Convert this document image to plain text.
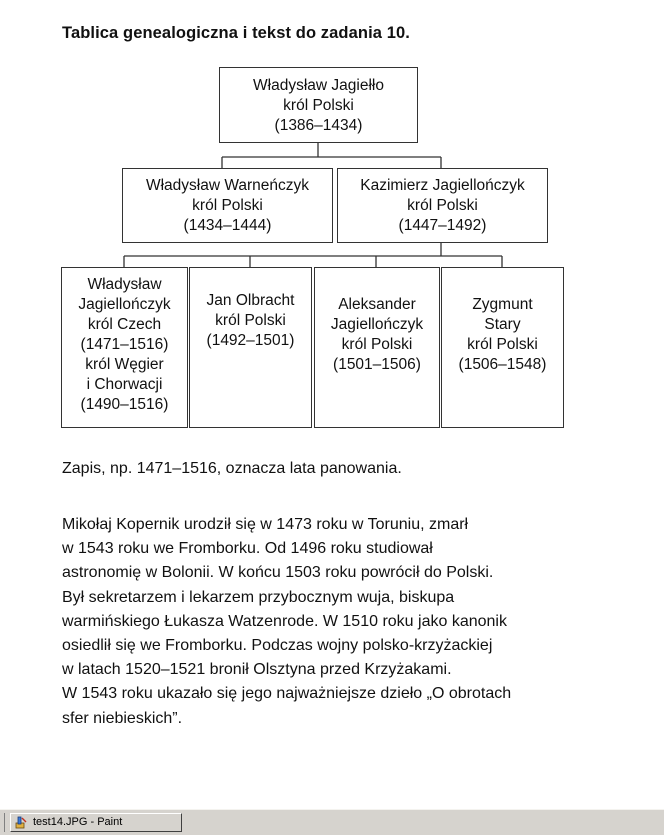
Tablica genealogiczna i tekst do zadania 10.
Władysław Jagiełło
król Polski
(1386–1434)
Władysław Warneńczyk
król Polski
(1434–1444)
Kazimierz Jagiellończyk
król Polski
(1447–1492)
Władysław
Jagiellończyk
król Czech
(1471–1516)
król Węgier
i Chorwacji
(1490–1516)
Jan Olbracht
król Polski
(1492–1501)
Aleksander
Jagiellończyk
król Polski
(1501–1506)
Zygmunt
Stary
król Polski
(1506–1548)
Zapis, np. 1471–1516, oznacza lata panowania.
Mikołaj Kopernik urodził się w 1473 roku w Toruniu, zmarł
w 1543 roku we Fromborku. Od 1496 roku studiował
astronomię w Bolonii. W końcu 1503 roku powrócił do Polski.
Był sekretarzem i lekarzem przybocznym wuja, biskupa
warmińskiego Łukasza Watzenrode. W 1510 roku jako kanonik
osiedlił się we Fromborku. Podczas wojny polsko-krzyżackiej
w latach 1520–1521 bronił Olsztyna przed Krzyżakami.
W 1543 roku ukazało się jego najważniejsze dzieło „O obrotach
sfer niebieskich”.
test14.JPG - Paint
